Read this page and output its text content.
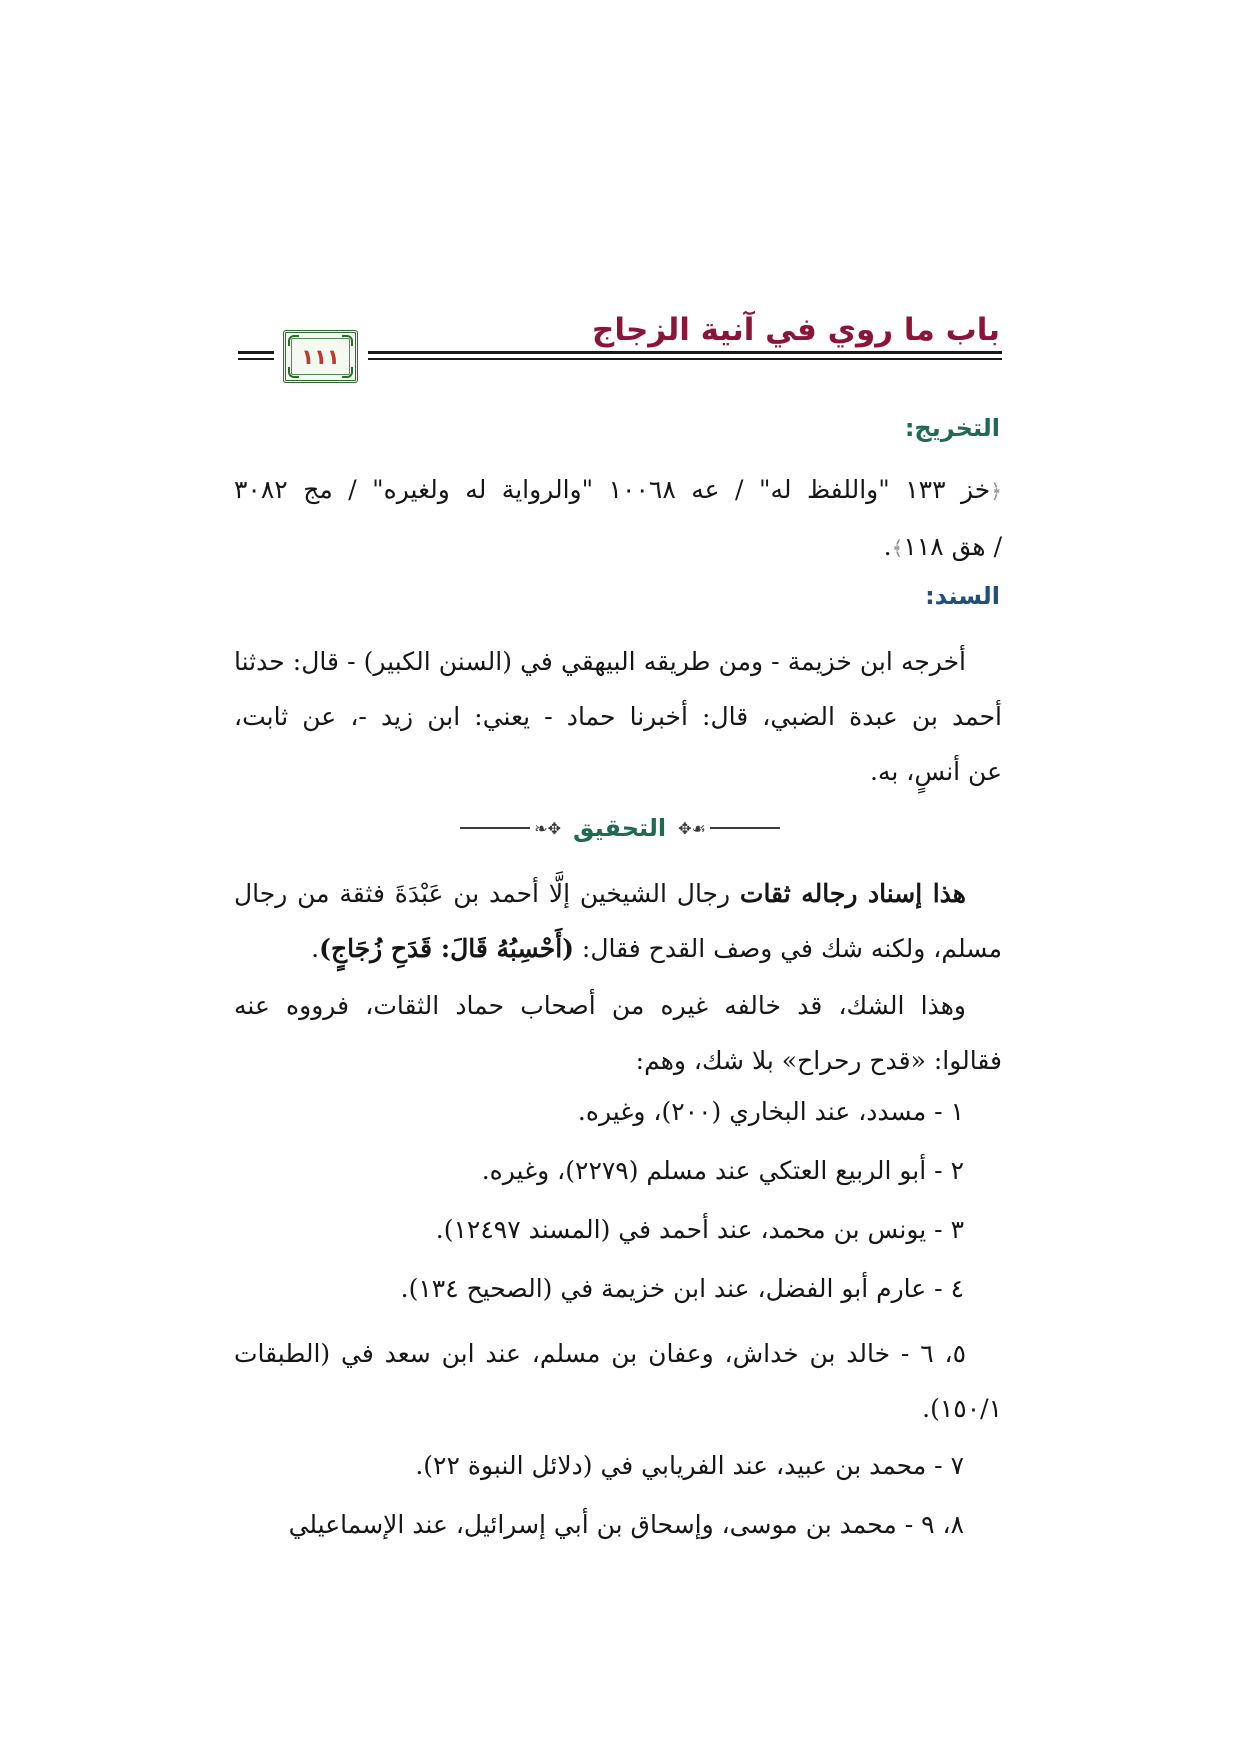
باب ما روي في آنية الزجاج
١١١
التخريج:
﴿خز ١٣٣ "واللفظ له" / عه ١٠٠٦٨ "والرواية له ولغيره" / مج ٣٠٨٢
/ هق ١١٨﴾.
السند:
أخرجه ابن خزيمة - ومن طريقه البيهقي في (السنن الكبير) - قال: حدثنا
أحمد بن عبدة الضبي، قال: أخبرنا حماد - يعني: ابن زيد -، عن ثابت،
عن أنسٍ، به.
❧✥ التحقيق ✥☙
هذا إسناد رجاله ثقات رجال الشيخين إلَّا أحمد بن عَبْدَةَ فثقة من رجال
مسلم، ولكنه شك في وصف القدح فقال: (أَحْسِبُهُ قَالَ: قَدَحِ زُجَاجٍ).
وهذا الشك، قد خالفه غيره من أصحاب حماد الثقات، فرووه عنه
فقالوا: «قدح رحراح» بلا شك، وهم:
١ - مسدد، عند البخاري (٢٠٠)، وغيره.
٢ - أبو الربيع العتكي عند مسلم (٢٢٧٩)، وغيره.
٣ - يونس بن محمد، عند أحمد في (المسند ١٢٤٩٧).
٤ - عارم أبو الفضل، عند ابن خزيمة في (الصحيح ١٣٤).
٥، ٦ - خالد بن خداش، وعفان بن مسلم، عند ابن سعد في (الطبقات
١٥٠/١).
٧ - محمد بن عبيد، عند الفريابي في (دلائل النبوة ٢٢).
٨، ٩ - محمد بن موسى، وإسحاق بن أبي إسرائيل، عند الإسماعيلي
